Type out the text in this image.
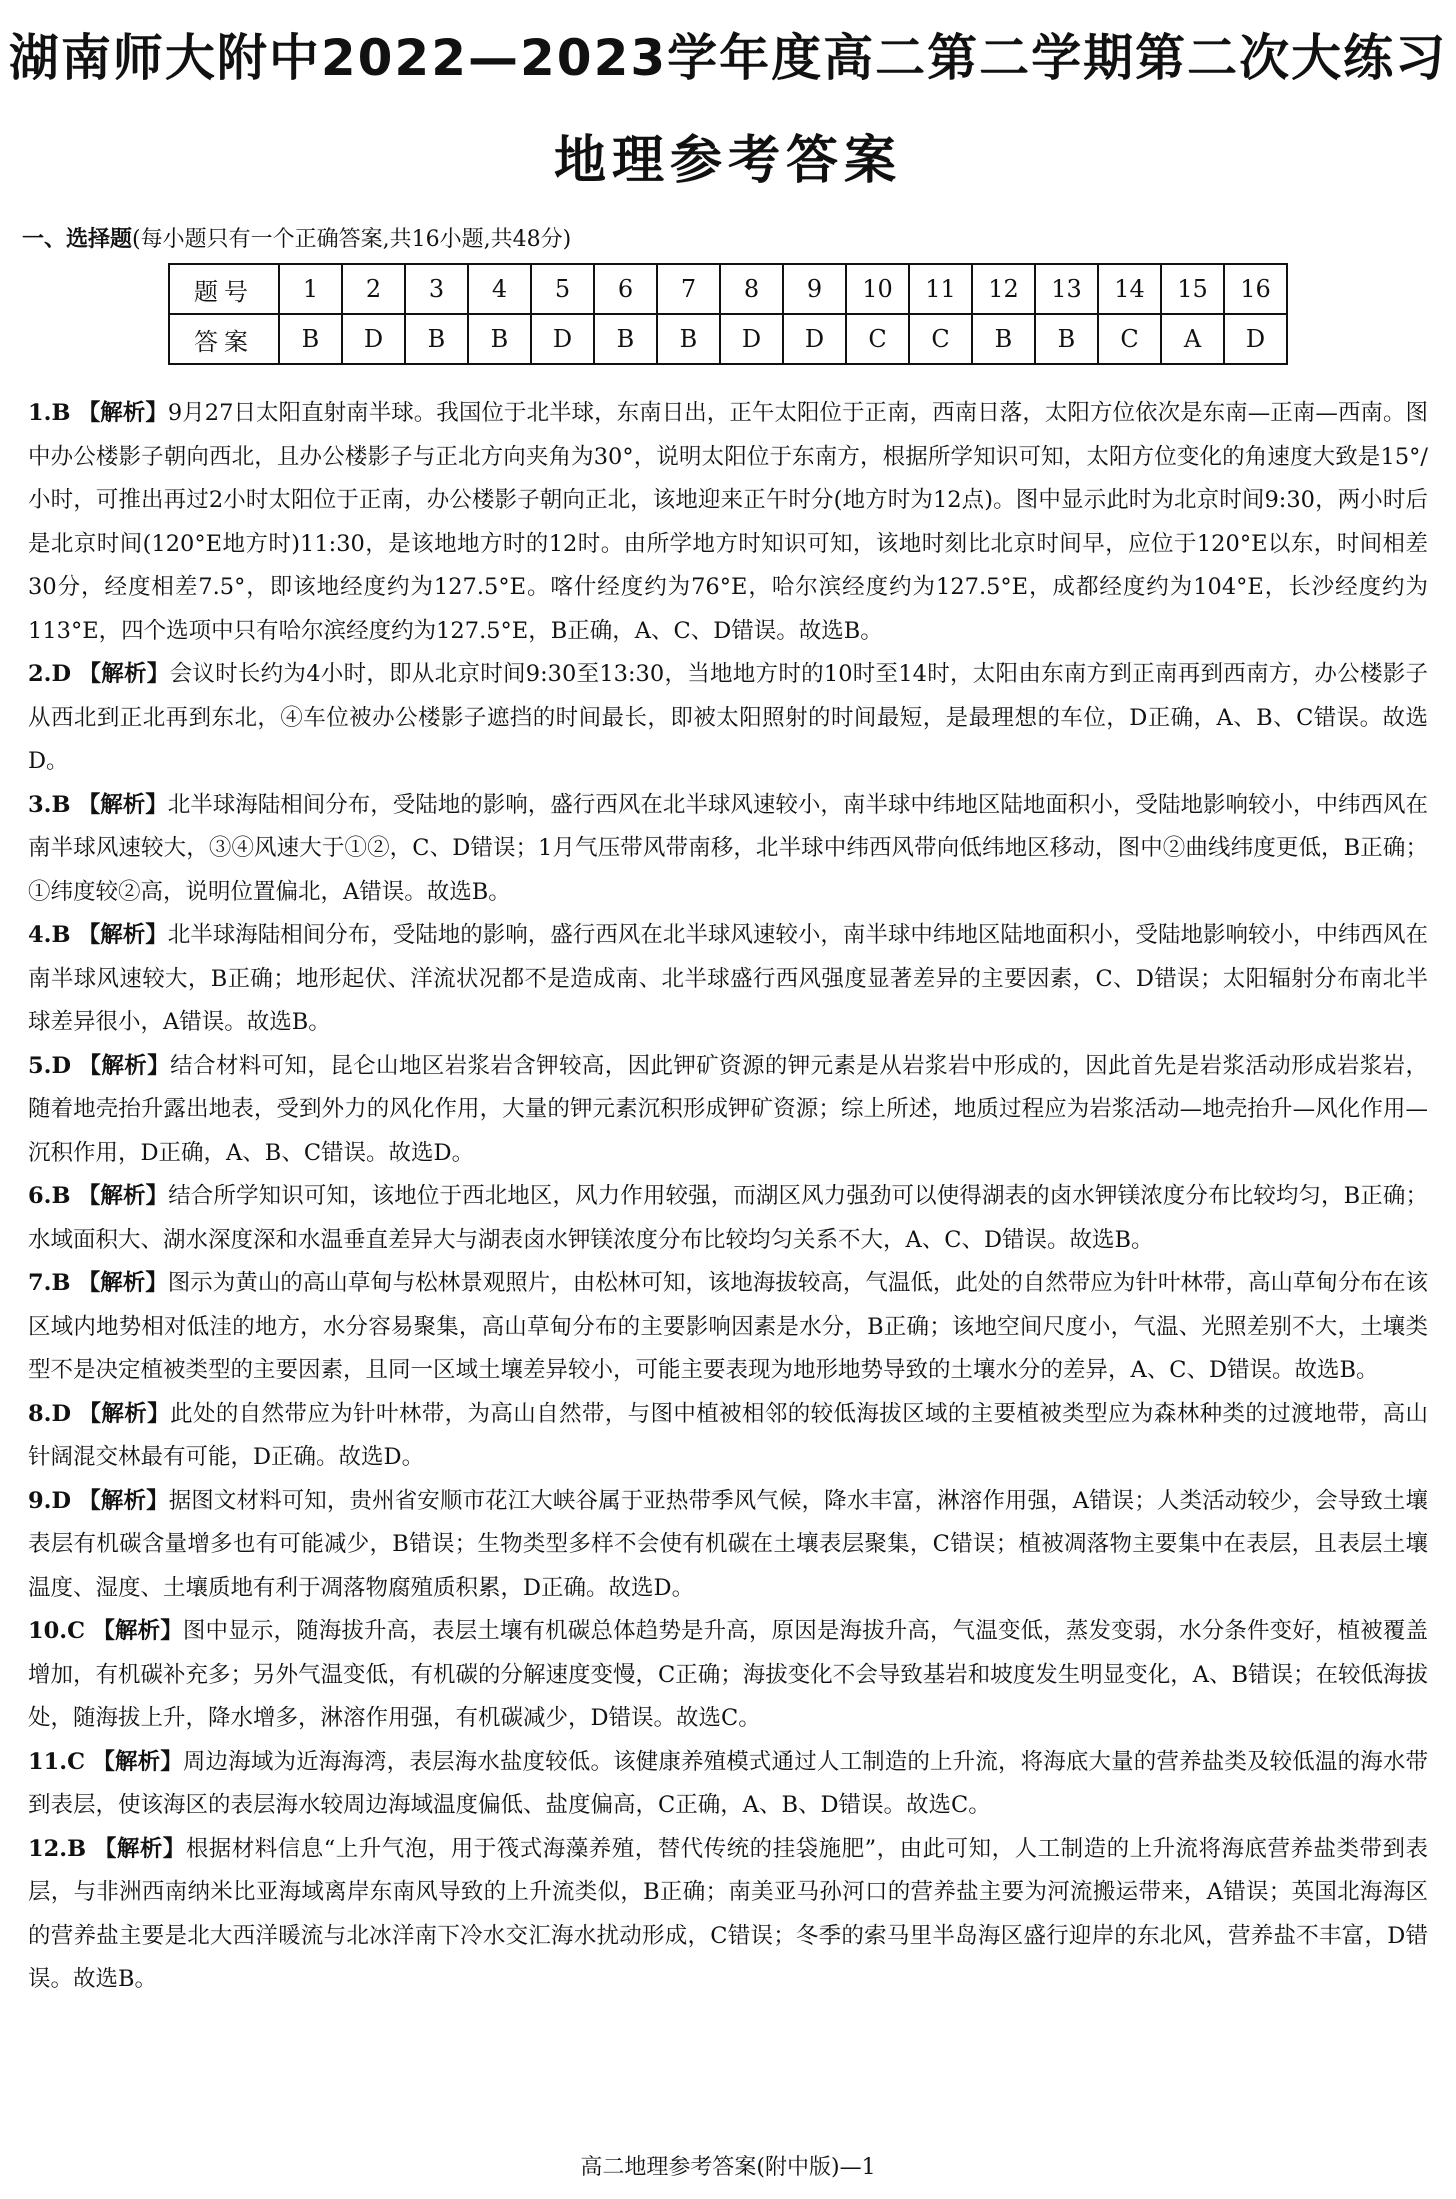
湖南师大附中2022—2023学年度高二第二学期第二次大练习
地理参考答案
一、选择题(每小题只有一个正确答案,共16小题,共48分)
题号	1	2	3	4	5	6	7	8	9	10	11	12	13	14	15	16
答案	B	D	B	B	D	B	B	D	D	C	C	B	B	C	A	D
1.B 【解析】9月27日太阳直射南半球。我国位于北半球，东南日出，正午太阳位于正南，西南日落，太阳方位依次是东南—正南—西南。图中办公楼影子朝向西北，且办公楼影子与正北方向夹角为30°，说明太阳位于东南方，根据所学知识可知，太阳方位变化的角速度大致是15°/小时，可推出再过2小时太阳位于正南，办公楼影子朝向正北，该地迎来正午时分(地方时为12点)。图中显示此时为北京时间9:30，两小时后是北京时间(120°E地方时)11:30，是该地地方时的12时。由所学地方时知识可知，该地时刻比北京时间早，应位于120°E以东，时间相差30分，经度相差7.5°，即该地经度约为127.5°E。喀什经度约为76°E，哈尔滨经度约为127.5°E，成都经度约为104°E，长沙经度约为113°E，四个选项中只有哈尔滨经度约为127.5°E，B正确，A、C、D错误。故选B。
2.D 【解析】会议时长约为4小时，即从北京时间9:30至13:30，当地地方时的10时至14时，太阳由东南方到正南再到西南方，办公楼影子从西北到正北再到东北，④车位被办公楼影子遮挡的时间最长，即被太阳照射的时间最短，是最理想的车位，D正确，A、B、C错误。故选D。
3.B 【解析】北半球海陆相间分布，受陆地的影响，盛行西风在北半球风速较小，南半球中纬地区陆地面积小，受陆地影响较小，中纬西风在南半球风速较大，③④风速大于①②，C、D错误；1月气压带风带南移，北半球中纬西风带向低纬地区移动，图中②曲线纬度更低，B正确；①纬度较②高，说明位置偏北，A错误。故选B。
4.B 【解析】北半球海陆相间分布，受陆地的影响，盛行西风在北半球风速较小，南半球中纬地区陆地面积小，受陆地影响较小，中纬西风在南半球风速较大，B正确；地形起伏、洋流状况都不是造成南、北半球盛行西风强度显著差异的主要因素，C、D错误；太阳辐射分布南北半球差异很小，A错误。故选B。
5.D 【解析】结合材料可知，昆仑山地区岩浆岩含钾较高，因此钾矿资源的钾元素是从岩浆岩中形成的，因此首先是岩浆活动形成岩浆岩，随着地壳抬升露出地表，受到外力的风化作用，大量的钾元素沉积形成钾矿资源；综上所述，地质过程应为岩浆活动—地壳抬升—风化作用—沉积作用，D正确，A、B、C错误。故选D。
6.B 【解析】结合所学知识可知，该地位于西北地区，风力作用较强，而湖区风力强劲可以使得湖表的卤水钾镁浓度分布比较均匀，B正确；水域面积大、湖水深度深和水温垂直差异大与湖表卤水钾镁浓度分布比较均匀关系不大，A、C、D错误。故选B。
7.B 【解析】图示为黄山的高山草甸与松林景观照片，由松林可知，该地海拔较高，气温低，此处的自然带应为针叶林带，高山草甸分布在该区域内地势相对低洼的地方，水分容易聚集，高山草甸分布的主要影响因素是水分，B正确；该地空间尺度小，气温、光照差别不大，土壤类型不是决定植被类型的主要因素，且同一区域土壤差异较小，可能主要表现为地形地势导致的土壤水分的差异，A、C、D错误。故选B。
8.D 【解析】此处的自然带应为针叶林带，为高山自然带，与图中植被相邻的较低海拔区域的主要植被类型应为森林种类的过渡地带，高山针阔混交林最有可能，D正确。故选D。
9.D 【解析】据图文材料可知，贵州省安顺市花江大峡谷属于亚热带季风气候，降水丰富，淋溶作用强，A错误；人类活动较少，会导致土壤表层有机碳含量增多也有可能减少，B错误；生物类型多样不会使有机碳在土壤表层聚集，C错误；植被凋落物主要集中在表层，且表层土壤温度、湿度、土壤质地有利于凋落物腐殖质积累，D正确。故选D。
10.C 【解析】图中显示，随海拔升高，表层土壤有机碳总体趋势是升高，原因是海拔升高，气温变低，蒸发变弱，水分条件变好，植被覆盖增加，有机碳补充多；另外气温变低，有机碳的分解速度变慢，C正确；海拔变化不会导致基岩和坡度发生明显变化，A、B错误；在较低海拔处，随海拔上升，降水增多，淋溶作用强，有机碳减少，D错误。故选C。
11.C 【解析】周边海域为近海海湾，表层海水盐度较低。该健康养殖模式通过人工制造的上升流，将海底大量的营养盐类及较低温的海水带到表层，使该海区的表层海水较周边海域温度偏低、盐度偏高，C正确，A、B、D错误。故选C。
12.B 【解析】根据材料信息“上升气泡，用于筏式海藻养殖，替代传统的挂袋施肥”，由此可知，人工制造的上升流将海底营养盐类带到表层，与非洲西南纳米比亚海域离岸东南风导致的上升流类似，B正确；南美亚马孙河口的营养盐主要为河流搬运带来，A错误；英国北海海区的营养盐主要是北大西洋暖流与北冰洋南下冷水交汇海水扰动形成，C错误；冬季的索马里半岛海区盛行迎岸的东北风，营养盐不丰富，D错误。故选B。
高二地理参考答案(附中版)—1
